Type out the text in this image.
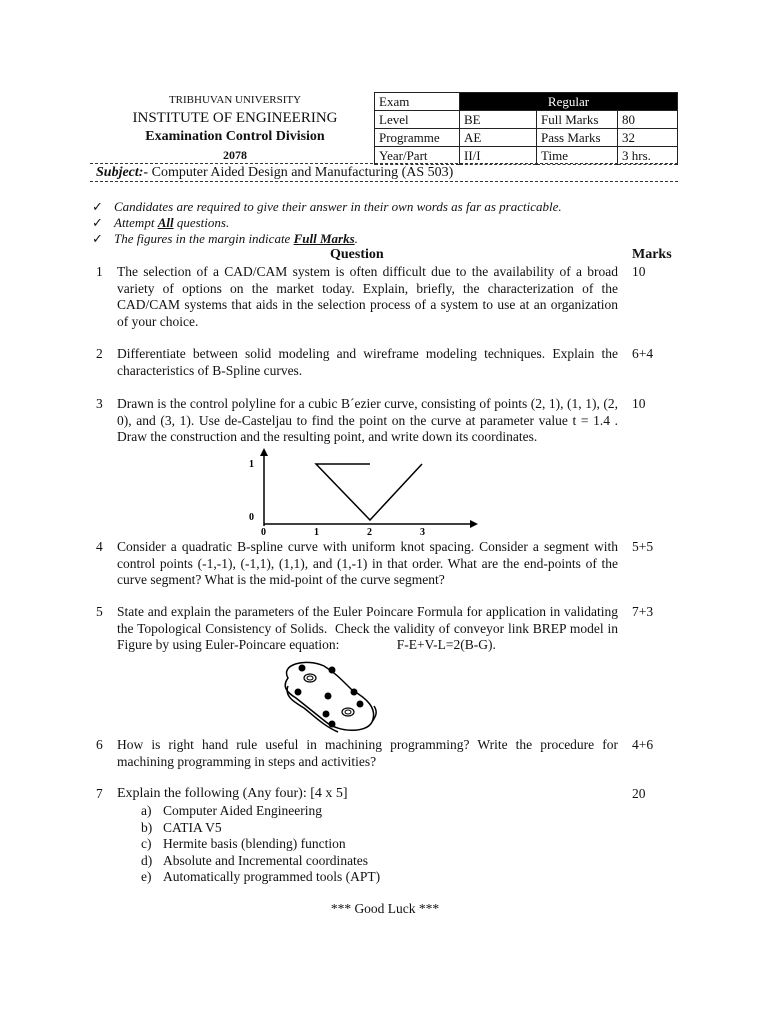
TRIBHUVAN UNIVERSITY
INSTITUTE OF ENGINEERING
Examination Control Division
2078
Exam	Regular		
Level	BE	Full Marks	80
Programme	AE	Pass Marks	32
Year/Part	II/I	Time	3 hrs.
Subject:- Computer Aided Design and Manufacturing (AS 503)
✓ Candidates are required to give their answer in their own words as far as practicable.
✓ Attempt All questions.
✓ The figures in the margin indicate Full Marks.
Question	Marks
1 The selection of a CAD/CAM system is often difficult due to the availability of a broad variety of options on the market today. Explain, briefly, the characterization of the CAD/CAM systems that aids in the selection process of a system to use at an organization of your choice.
10
2 Differentiate between solid modeling and wireframe modeling techniques. Explain the characteristics of B-Spline curves.
6+4
3 Drawn is the control polyline for a cubic B´ezier curve, consisting of points (2, 1), (1, 1), (2, 0), and (3, 1). Use de-Casteljau to find the point on the curve at parameter value t = 1.4 . Draw the construction and the resulting point, and write down its coordinates.
10
1
0
0	1	2	3
4 Consider a quadratic B-spline curve with uniform knot spacing. Consider a segment with control points (-1,-1), (-1,1), (1,1), and (1,-1) in that order. What are the end-points of the curve segment? What is the mid-point of the curve segment?
5+5
5 State and explain the parameters of the Euler Poincare Formula for application in validating the Topological Consistency of Solids.  Check the validity of conveyor link BREP model in Figure by using Euler-Poincare equation:                 F-E+V-L=2(B-G).
7+3
6 How is right hand rule useful in machining programming? Write the procedure for machining programming in steps and activities?
4+6
7 Explain the following (Any four): [4 x 5]	20
a) Computer Aided Engineering
b) CATIA V5
c) Hermite basis (blending) function
d) Absolute and Incremental coordinates
e) Automatically programmed tools (APT)
*** Good Luck ***
